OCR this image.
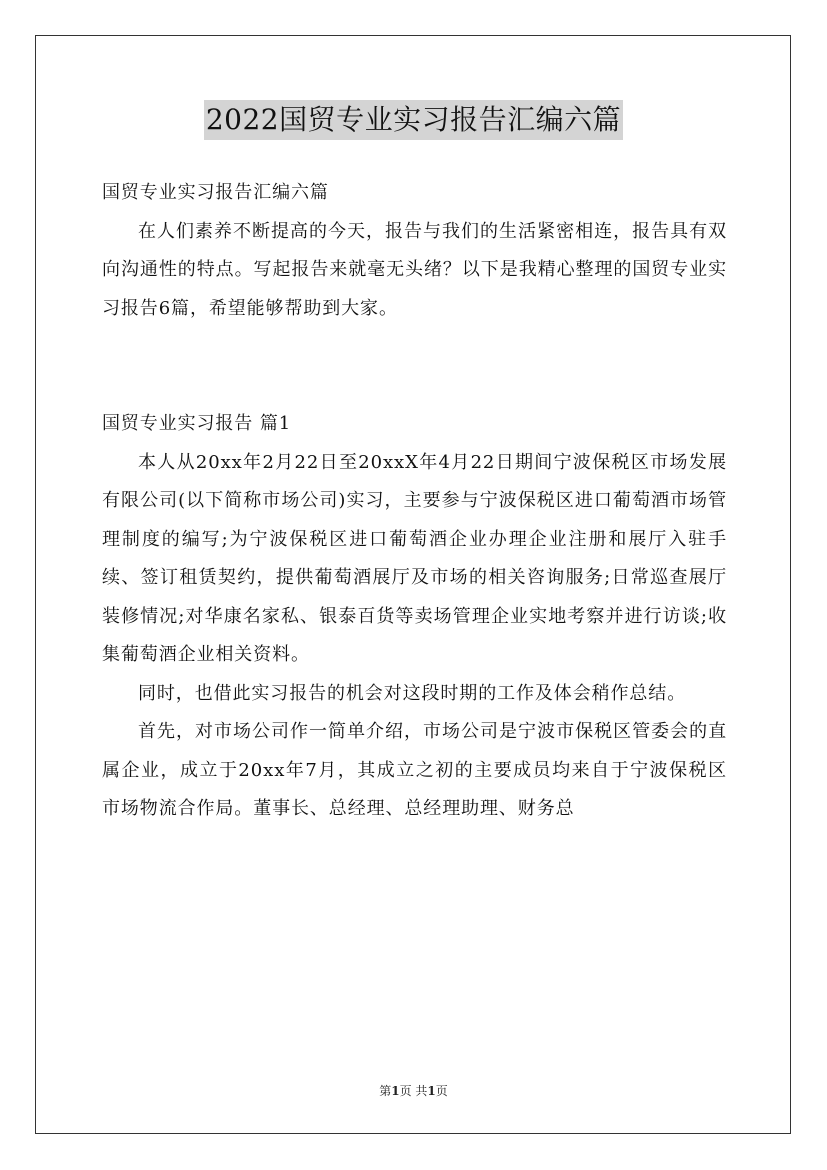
2022国贸专业实习报告汇编六篇

国贸专业实习报告汇编六篇

在人们素养不断提高的今天，报告与我们的生活紧密相连，报告具有双向沟通性的特点。写起报告来就毫无头绪？以下是我精心整理的国贸专业实习报告6篇，希望能够帮助到大家。

国贸专业实习报告 篇1

本人从20xx年2月22日至20xxX年4月22日期间宁波保税区市场发展有限公司(以下简称市场公司)实习，主要参与宁波保税区进口葡萄酒市场管理制度的编写;为宁波保税区进口葡萄酒企业办理企业注册和展厅入驻手续、签订租赁契约，提供葡萄酒展厅及市场的相关咨询服务;日常巡查展厅装修情况;对华康名家私、银泰百货等卖场管理企业实地考察并进行访谈;收集葡萄酒企业相关资料。

同时，也借此实习报告的机会对这段时期的工作及体会稍作总结。

首先，对市场公司作一简单介绍，市场公司是宁波市保税区管委会的直属企业，成立于20xx年7月，其成立之初的主要成员均来自于宁波保税区市场物流合作局。董事长、总经理、总经理助理、财务总

第1页 共1页
